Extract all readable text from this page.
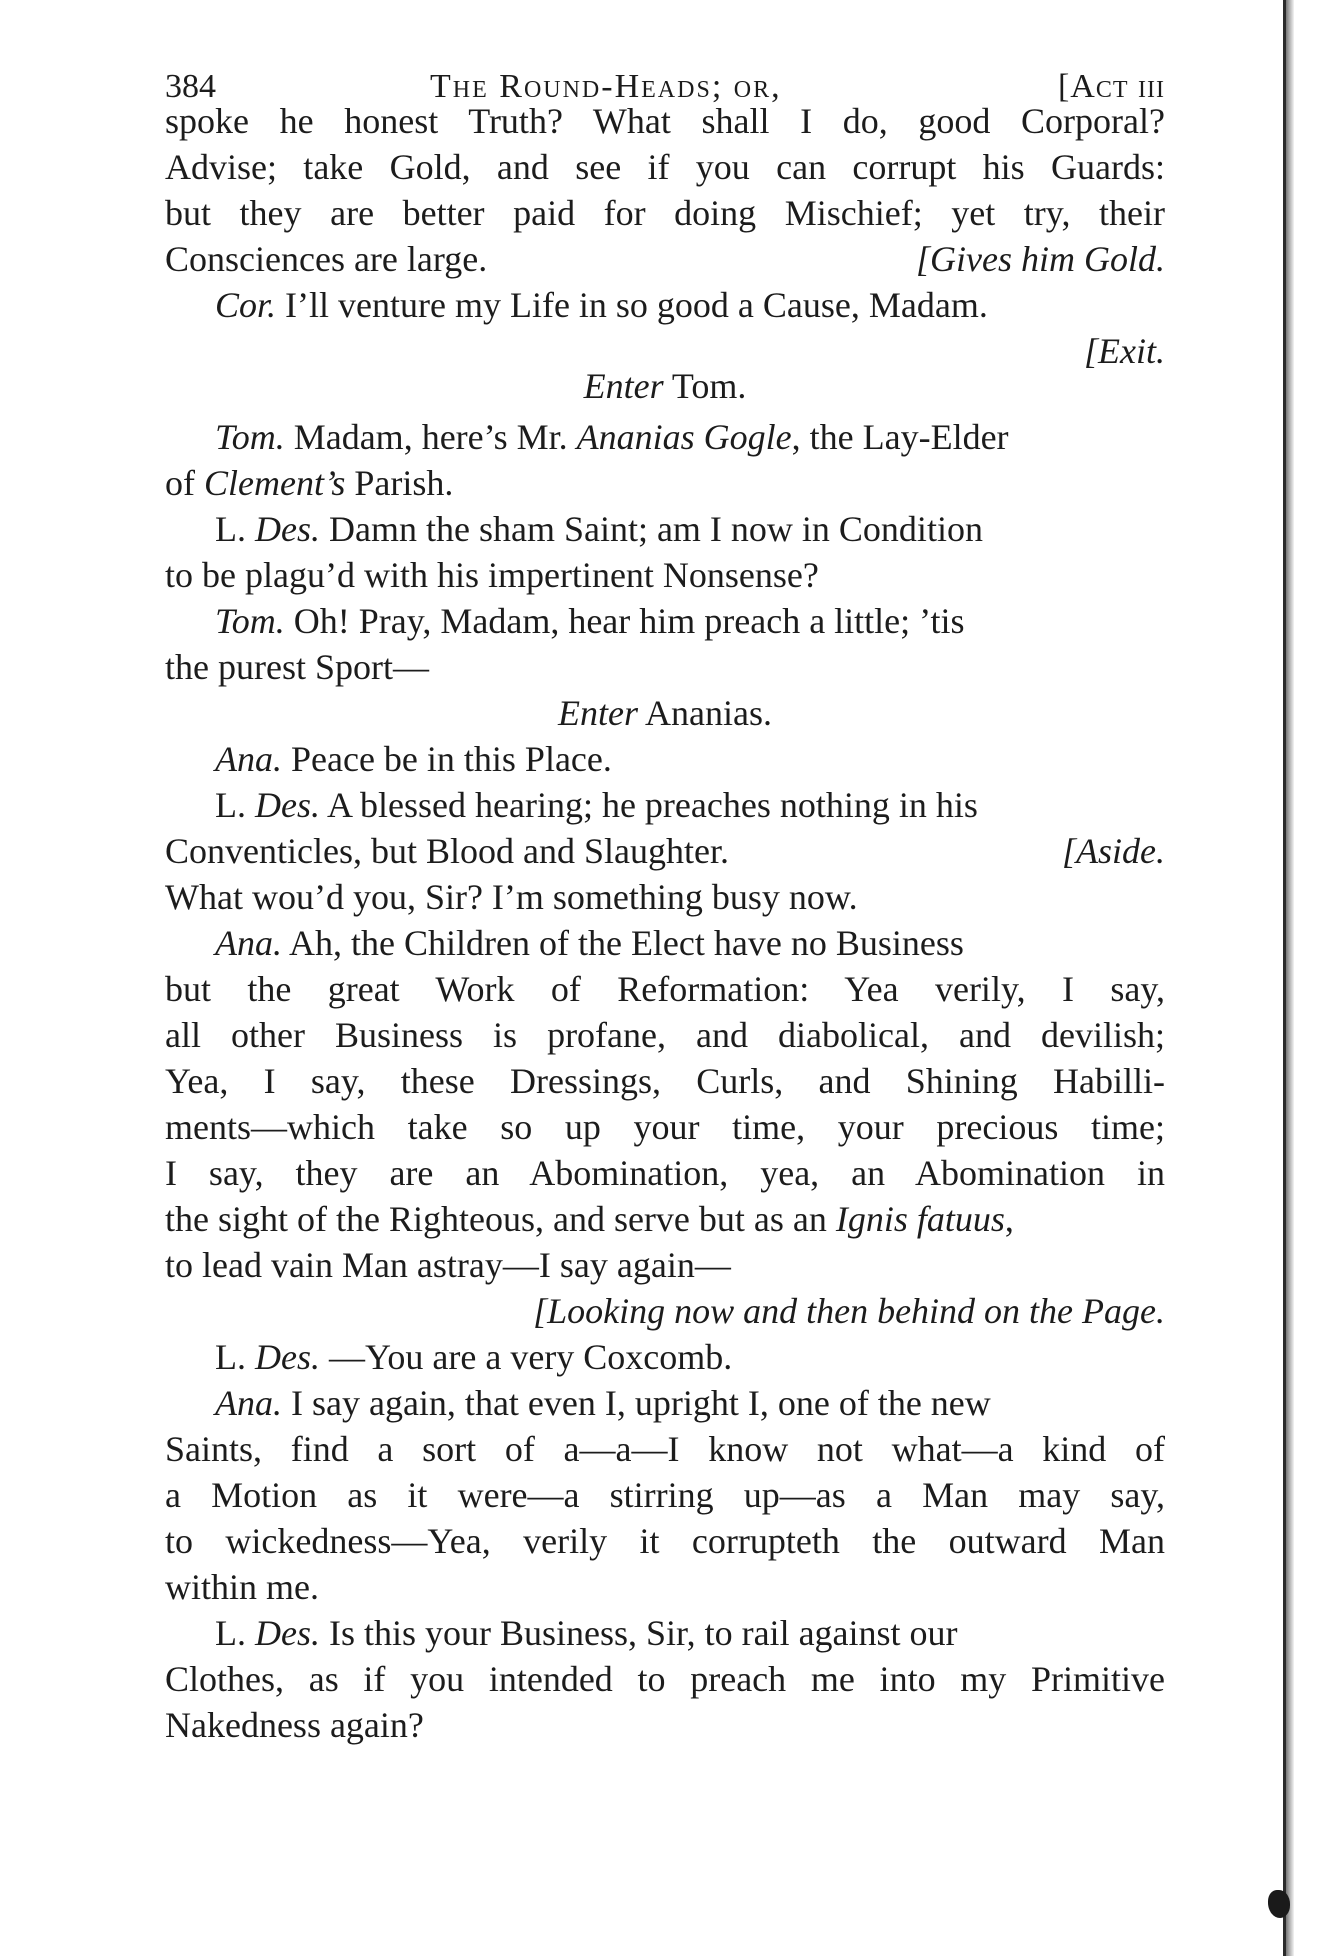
384	The Round-Heads; or,	[Act iii
spoke he honest Truth? What shall I do, good Corporal?
Advise; take Gold, and see if you can corrupt his Guards:
but they are better paid for doing Mischief; yet try, their
Consciences are large.	[Gives him Gold.
Cor. I’ll venture my Life in so good a Cause, Madam.
[Exit.
Enter Tom.
Tom. Madam, here’s Mr. Ananias Gogle, the Lay-Elder
of Clement’s Parish.
L. Des. Damn the sham Saint; am I now in Condition
to be plagu’d with his impertinent Nonsense?
Tom. Oh! Pray, Madam, hear him preach a little; ’tis
the purest Sport—
Enter Ananias.
Ana. Peace be in this Place.
L. Des. A blessed hearing; he preaches nothing in his
Conventicles, but Blood and Slaughter.	[Aside.
What wou’d you, Sir? I’m something busy now.
Ana. Ah, the Children of the Elect have no Business
but the great Work of Reformation: Yea verily, I say,
all other Business is profane, and diabolical, and devilish;
Yea, I say, these Dressings, Curls, and Shining Habilli-
ments—which take so up your time, your precious time;
I say, they are an Abomination, yea, an Abomination in
the sight of the Righteous, and serve but as an Ignis fatuus,
to lead vain Man astray—I say again—
[Looking now and then behind on the Page.
L. Des. —You are a very Coxcomb.
Ana. I say again, that even I, upright I, one of the new
Saints, find a sort of a—a—I know not what—a kind of
a Motion as it were—a stirring up—as a Man may say,
to wickedness—Yea, verily it corrupteth the outward Man
within me.
L. Des. Is this your Business, Sir, to rail against our
Clothes, as if you intended to preach me into my Primitive
Nakedness again?
